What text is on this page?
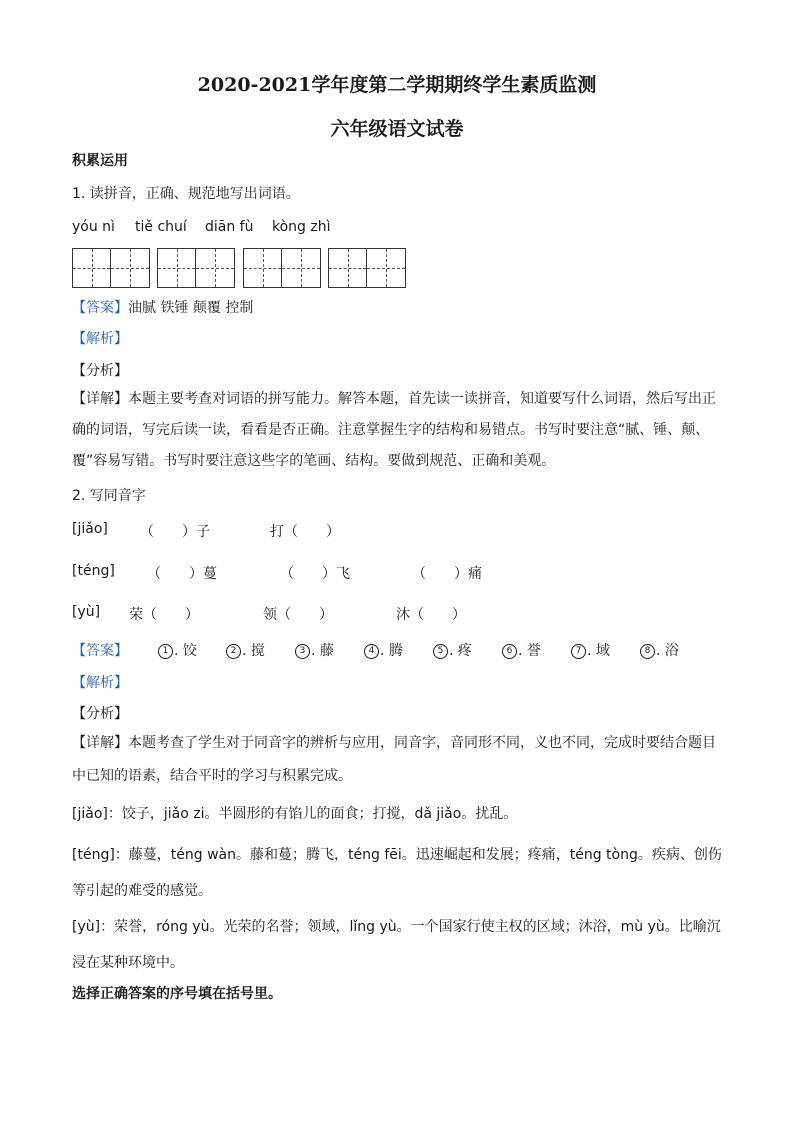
2020-2021学年度第二学期期终学生素质监测
六年级语文试卷
积累运用
1. 读拼音，正确、规范地写出词语。
yóu nì tiě chuí diān fù kòng zhì
【答案】油腻 铁锤 颠覆 控制
【解析】
【分析】
【详解】本题主要考查对词语的拼写能力。解答本题，首先读一读拼音，知道要写什么词语，然后写出正确的词语，写完后读一读，看看是否正确。注意掌握生字的结构和易错点。书写时要注意“腻、锤、颠、覆”容易写错。书写时要注意这些字的笔画、结构。要做到规范、正确和美观。
2. 写同音字
[jiǎo] （　　）子	打（　　）
[téng] （　　）蔓	（　　）飞	（　　）痛
[yù] 荣（　　）	领（　　）	沐（　　）
【答案】	1 . 饺	2 . 搅	3 . 藤	4 . 腾	5 . 疼	6 . 誉	7 . 域	8 . 浴
【解析】
【分析】
【详解】本题考查了学生对于同音字的辨析与应用，同音字，音同形不同，义也不同，完成时要结合题目中已知的语素，结合平时的学习与积累完成。
[jiǎo]：饺子，jiǎo zi。半圆形的有馅儿的面食；打搅，dǎ jiǎo。扰乱。
[téng]：藤蔓，téng wàn。藤和蔓；腾飞，téng fēi。迅速崛起和发展；疼痛，téng tòng。疾病、创伤等引起的难受的感觉。
[yù]：荣誉，róng yù。光荣的名誉；领域，lǐng yù。一个国家行使主权的区域；沐浴，mù yù。比喻沉浸在某种环境中。
选择正确答案的序号填在括号里。
